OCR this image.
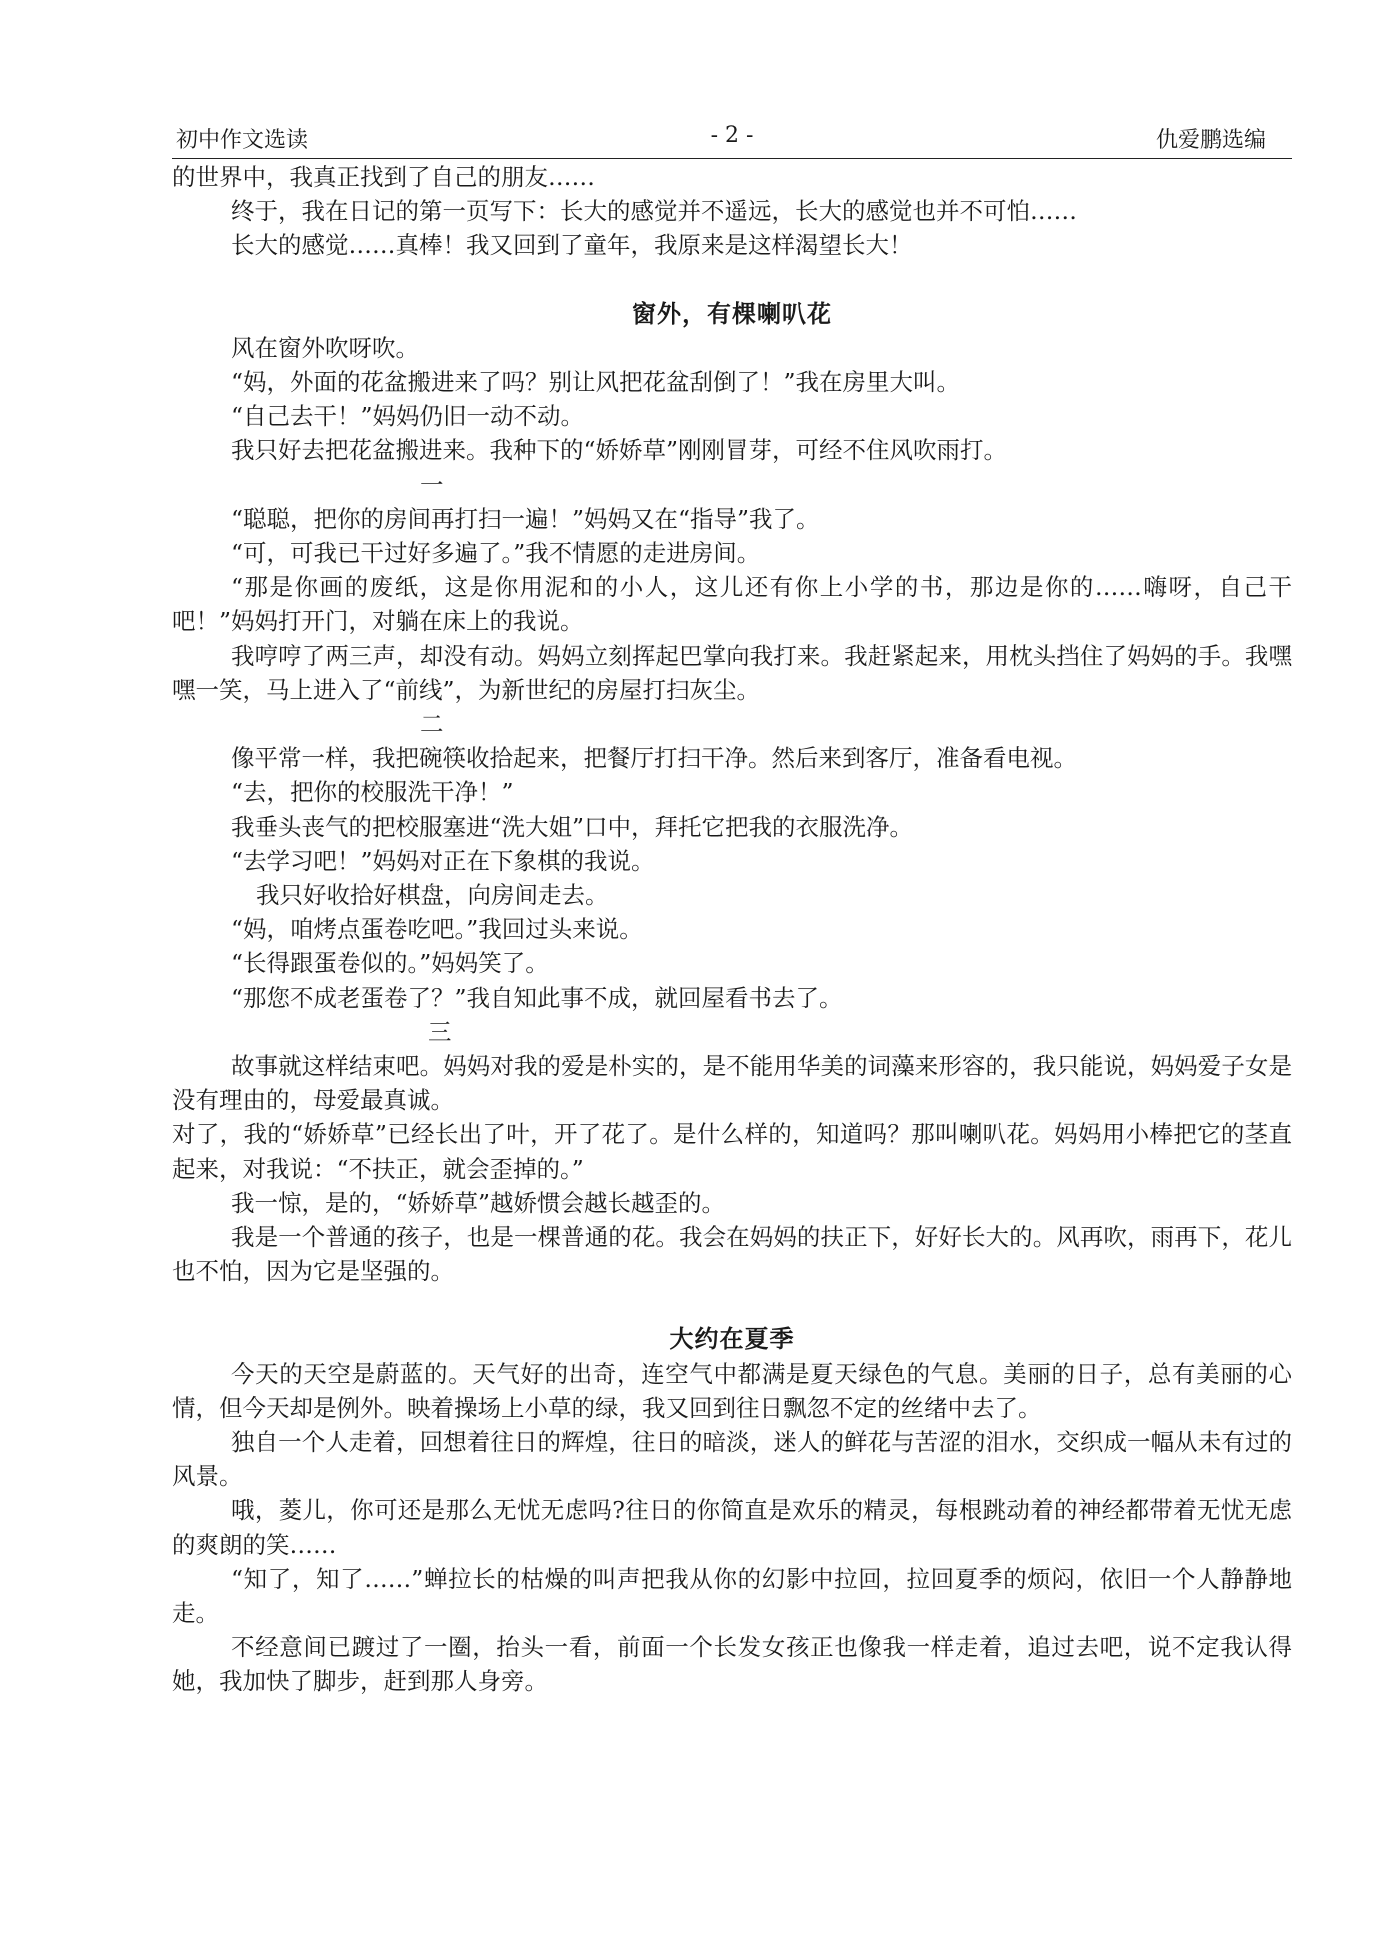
初中作文选读	- 2 -	仇爱鹏选编

的世界中，我真正找到了自己的朋友……

终于，我在日记的第一页写下：长大的感觉并不遥远，长大的感觉也并不可怕……

长大的感觉……真棒！我又回到了童年，我原来是这样渴望长大！

窗外，有棵喇叭花

风在窗外吹呀吹。

“妈，外面的花盆搬进来了吗？别让风把花盆刮倒了！”我在房里大叫。

“自己去干！”妈妈仍旧一动不动。

我只好去把花盆搬进来。我种下的“娇娇草”刚刚冒芽，可经不住风吹雨打。

一

“聪聪，把你的房间再打扫一遍！”妈妈又在“指导”我了。

“可，可我已干过好多遍了。”我不情愿的走进房间。

“那是你画的废纸，这是你用泥和的小人，这儿还有你上小学的书，那边是你的……嗨呀，自己干吧！”妈妈打开门，对躺在床上的我说。

我哼哼了两三声，却没有动。妈妈立刻挥起巴掌向我打来。我赶紧起来，用枕头挡住了妈妈的手。我嘿嘿一笑，马上进入了“前线”，为新世纪的房屋打扫灰尘。

二

像平常一样，我把碗筷收拾起来，把餐厅打扫干净。然后来到客厅，准备看电视。

“去，把你的校服洗干净！”

我垂头丧气的把校服塞进“洗大姐”口中，拜托它把我的衣服洗净。

“去学习吧！”妈妈对正在下象棋的我说。

我只好收拾好棋盘，向房间走去。

“妈，咱烤点蛋卷吃吧。”我回过头来说。

“长得跟蛋卷似的。”妈妈笑了。

“那您不成老蛋卷了？”我自知此事不成，就回屋看书去了。

三

故事就这样结束吧。妈妈对我的爱是朴实的，是不能用华美的词藻来形容的，我只能说，妈妈爱子女是没有理由的，母爱最真诚。

对了，我的“娇娇草”已经长出了叶，开了花了。是什么样的，知道吗？那叫喇叭花。妈妈用小棒把它的茎直起来，对我说：“不扶正，就会歪掉的。”

我一惊，是的，“娇娇草”越娇惯会越长越歪的。

我是一个普通的孩子，也是一棵普通的花。我会在妈妈的扶正下，好好长大的。风再吹，雨再下，花儿也不怕，因为它是坚强的。

大约在夏季

今天的天空是蔚蓝的。天气好的出奇，连空气中都满是夏天绿色的气息。美丽的日子，总有美丽的心情，但今天却是例外。映着操场上小草的绿，我又回到往日飘忽不定的丝绪中去了。

独自一个人走着，回想着往日的辉煌，往日的暗淡，迷人的鲜花与苦涩的泪水，交织成一幅从未有过的风景。

哦，菱儿，你可还是那么无忧无虑吗?往日的你简直是欢乐的精灵，每根跳动着的神经都带着无忧无虑的爽朗的笑……

“知了，知了……”蝉拉长的枯燥的叫声把我从你的幻影中拉回，拉回夏季的烦闷，依旧一个人静静地走。

不经意间已踱过了一圈，抬头一看，前面一个长发女孩正也像我一样走着，追过去吧，说不定我认得她，我加快了脚步，赶到那人身旁。
